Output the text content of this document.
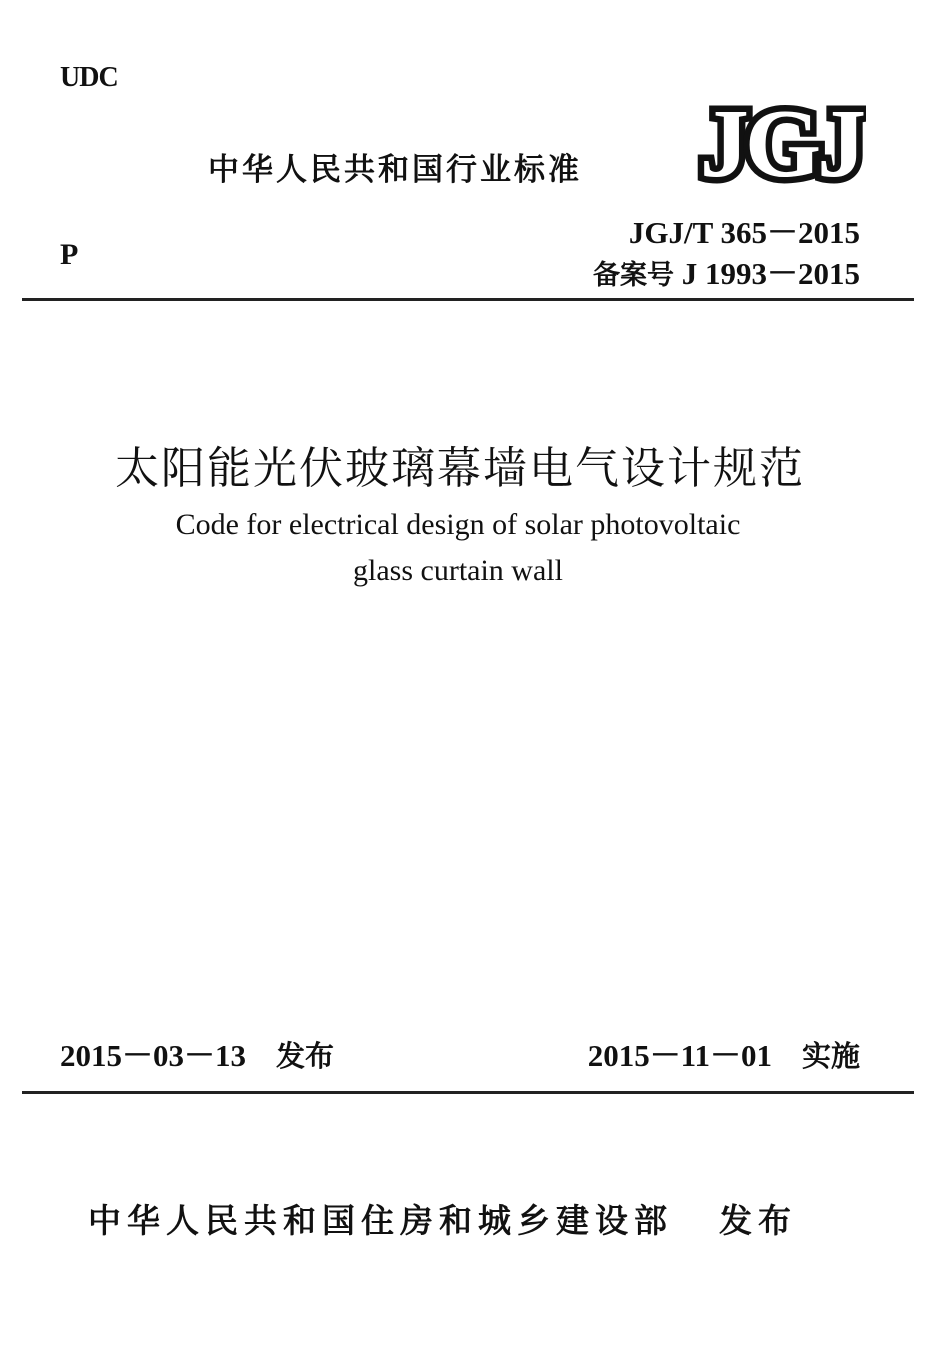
UDC
中华人民共和国行业标准 JGJ
JGJ/T 365－2015
P
备案号 J 1993－2015
太阳能光伏玻璃幕墙电气设计规范
Code for electrical design of solar photovoltaic
glass curtain wall
2015－03－13 发布	2015－11－01 实施
中华人民共和国住房和城乡建设部 发布
